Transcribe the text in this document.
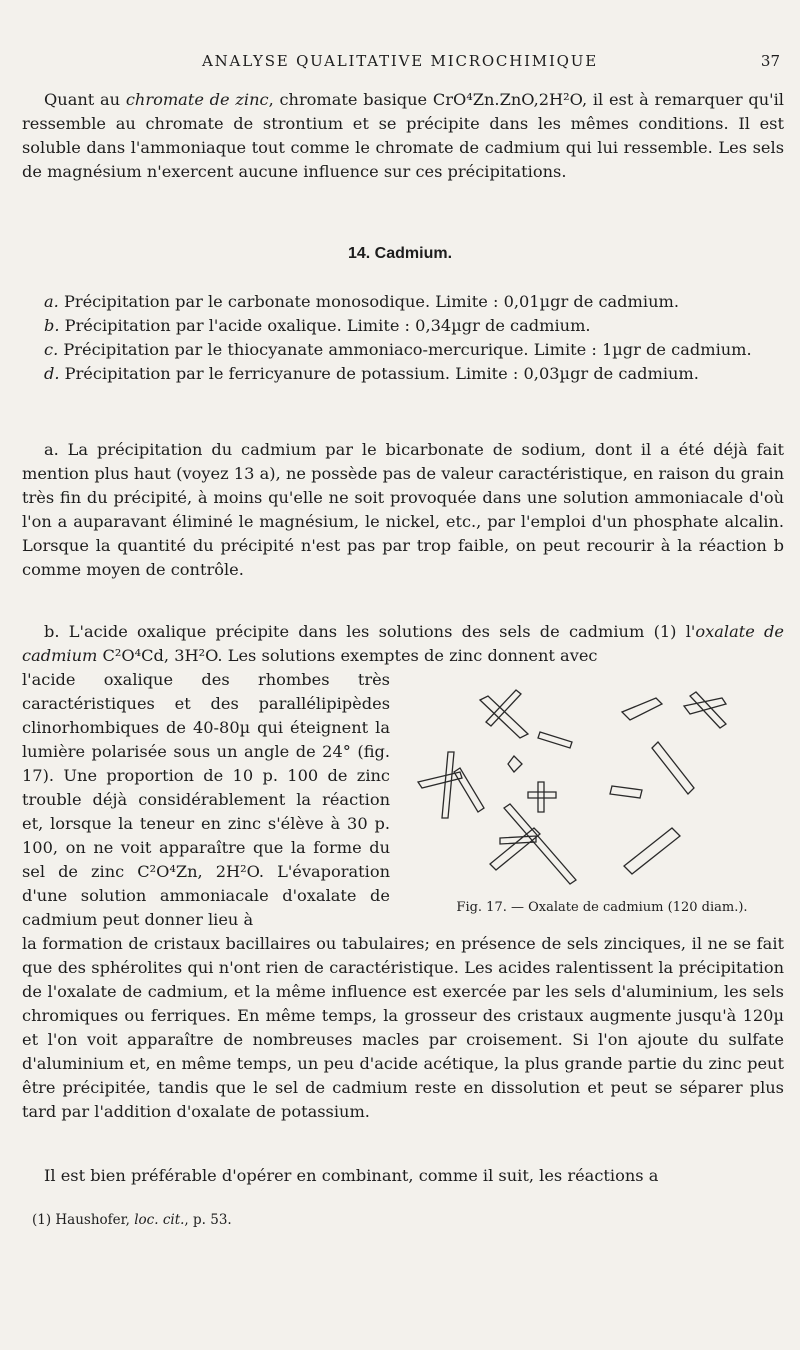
ANALYSE QUALITATIVE MICROCHIMIQUE	37
Quant au chromate de zinc, chromate basique CrO⁴Zn.ZnO,2H²O, il est à remarquer qu'il ressemble au chromate de strontium et se précipite dans les mêmes conditions. Il est soluble dans l'ammoniaque tout comme le chromate de cadmium qui lui ressemble. Les sels de magnésium n'exercent aucune influence sur ces précipitations.
14. Cadmium.
a. Précipitation par le carbonate monosodique. Limite : 0,01µgr de cadmium.
b. Précipitation par l'acide oxalique. Limite : 0,34µgr de cadmium.
c. Précipitation par le thiocyanate ammoniaco-mercurique. Limite : 1µgr de cadmium.
d. Précipitation par le ferricyanure de potassium. Limite : 0,03µgr de cadmium.
a. La précipitation du cadmium par le bicarbonate de sodium, dont il a été déjà fait mention plus haut (voyez 13 a), ne possède pas de valeur caractéristique, en raison du grain très fin du précipité, à moins qu'elle ne soit provoquée dans une solution ammoniacale d'où l'on a auparavant éliminé le magnésium, le nickel, etc., par l'emploi d'un phosphate alcalin. Lorsque la quantité du précipité n'est pas par trop faible, on peut recourir à la réaction b comme moyen de contrôle.
b. L'acide oxalique précipite dans les solutions des sels de cadmium (1) l'oxalate de cadmium C²O⁴Cd, 3H²O. Les solutions exemptes de zinc donnent avec
l'acide oxalique des rhombes très caractéristiques et des parallélipipèdes clinorhombiques de 40-80µ qui éteignent la lumière polarisée sous un angle de 24° (fig. 17). Une proportion de 10 p. 100 de zinc trouble déjà considérablement la réaction et, lorsque la teneur en zinc s'élève à 30 p. 100, on ne voit apparaître que la forme du sel de zinc C²O⁴Zn, 2H²O. L'évaporation d'une solution ammoniacale d'oxalate de cadmium peut donner lieu à
Fig. 17. — Oxalate de cadmium (120 diam.).
la formation de cristaux bacillaires ou tabulaires; en présence de sels zinciques, il ne se fait que des sphérolites qui n'ont rien de caractéristique. Les acides ralentissent la précipitation de l'oxalate de cadmium, et la même influence est exercée par les sels d'aluminium, les sels chromiques ou ferriques. En même temps, la grosseur des cristaux augmente jusqu'à 120µ et l'on voit apparaître de nombreuses macles par croisement. Si l'on ajoute du sulfate d'aluminium et, en même temps, un peu d'acide acétique, la plus grande partie du zinc peut être précipitée, tandis que le sel de cadmium reste en dissolution et peut se séparer plus tard par l'addition d'oxalate de potassium.
Il est bien préférable d'opérer en combinant, comme il suit, les réactions a
(1) Haushofer, loc. cit., p. 53.
